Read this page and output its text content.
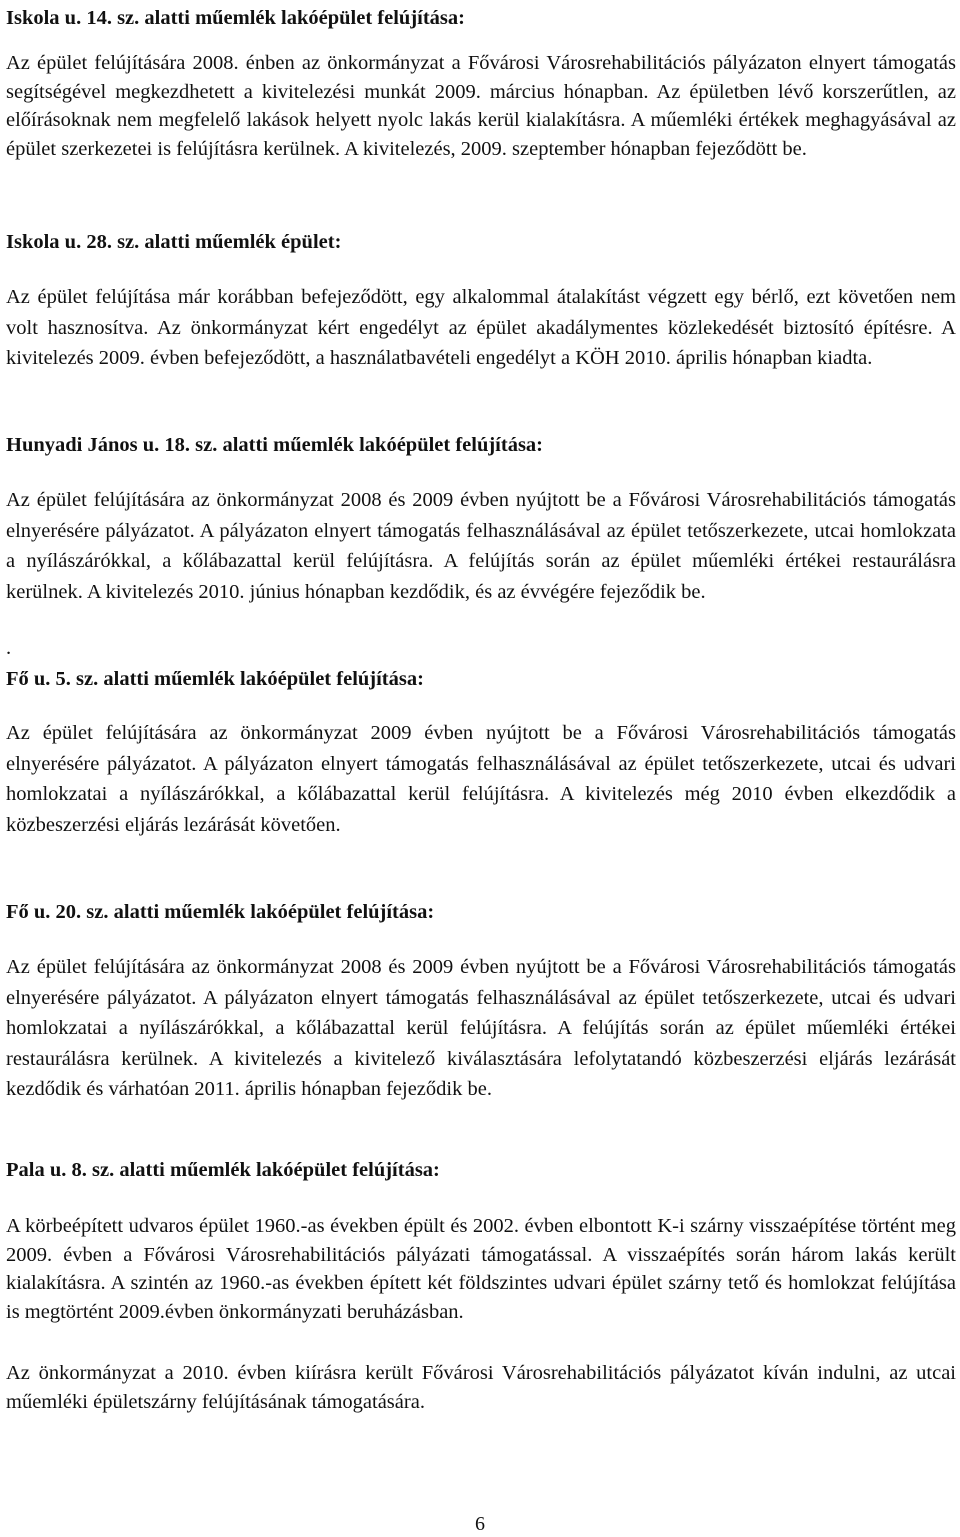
Iskola u. 14. sz. alatti műemlék lakóépület felújítása:

Az épület felújítására 2008. énben az önkormányzat a Fővárosi Városrehabilitációs pályázaton elnyert támogatás segítségével megkezdhetett a kivitelezési munkát 2009. március hónapban. Az épületben lévő korszerűtlen, az előírásoknak nem megfelelő lakások helyett nyolc lakás kerül kialakításra. A műemléki értékek meghagyásával az épület szerkezetei is felújításra kerülnek. A kivitelezés, 2009. szeptember hónapban fejeződött be.

Iskola u. 28. sz. alatti műemlék épület:

Az épület felújítása már korábban befejeződött, egy alkalommal átalakítást végzett egy bérlő, ezt követően nem volt hasznosítva. Az önkormányzat kért engedélyt az épület akadálymentes közlekedését biztosító építésre. A kivitelezés 2009. évben befejeződött, a használatbavételi engedélyt a KÖH 2010. április hónapban kiadta.

Hunyadi János u. 18. sz. alatti műemlék lakóépület felújítása:

Az épület felújítására az önkormányzat 2008 és 2009 évben nyújtott be a Fővárosi Városrehabilitációs támogatás elnyerésére pályázatot. A pályázaton elnyert támogatás felhasználásával az épület tetőszerkezete, utcai homlokzata a nyílászárókkal, a kőlábazattal kerül felújításra. A felújítás során az épület műemléki értékei restaurálásra kerülnek. A kivitelezés 2010. június hónapban kezdődik, és az évvégére fejeződik be.

.

Fő u. 5. sz. alatti műemlék lakóépület felújítása:

Az épület felújítására az önkormányzat 2009 évben nyújtott be a Fővárosi Városrehabilitációs támogatás elnyerésére pályázatot. A pályázaton elnyert támogatás felhasználásával az épület tetőszerkezete, utcai és udvari homlokzatai a nyílászárókkal, a kőlábazattal kerül felújításra. A kivitelezés még 2010 évben elkezdődik a közbeszerzési eljárás lezárását követően.

Fő u. 20. sz. alatti műemlék lakóépület felújítása:

Az épület felújítására az önkormányzat 2008 és 2009 évben nyújtott be a Fővárosi Városrehabilitációs támogatás elnyerésére pályázatot. A pályázaton elnyert támogatás felhasználásával az épület tetőszerkezete, utcai és udvari homlokzatai a nyílászárókkal, a kőlábazattal kerül felújításra. A felújítás során az épület műemléki értékei restaurálásra kerülnek. A kivitelezés a kivitelező kiválasztására lefolytatandó közbeszerzési eljárás lezárását kezdődik és várhatóan 2011. április hónapban fejeződik be.

Pala u. 8. sz. alatti műemlék lakóépület felújítása:

A körbeépített udvaros épület 1960.-as években épült és 2002. évben elbontott K-i szárny visszaépítése történt meg 2009. évben a Fővárosi Városrehabilitációs pályázati támogatással. A visszaépítés során három lakás került kialakításra. A szintén az 1960.-as években épített két földszintes udvari épület szárny tető és homlokzat felújítása is megtörtént 2009.évben önkormányzati beruházásban.

Az önkormányzat a 2010. évben kiírásra került Fővárosi Városrehabilitációs pályázatot kíván indulni, az utcai műemléki épületszárny felújításának támogatására.

6
